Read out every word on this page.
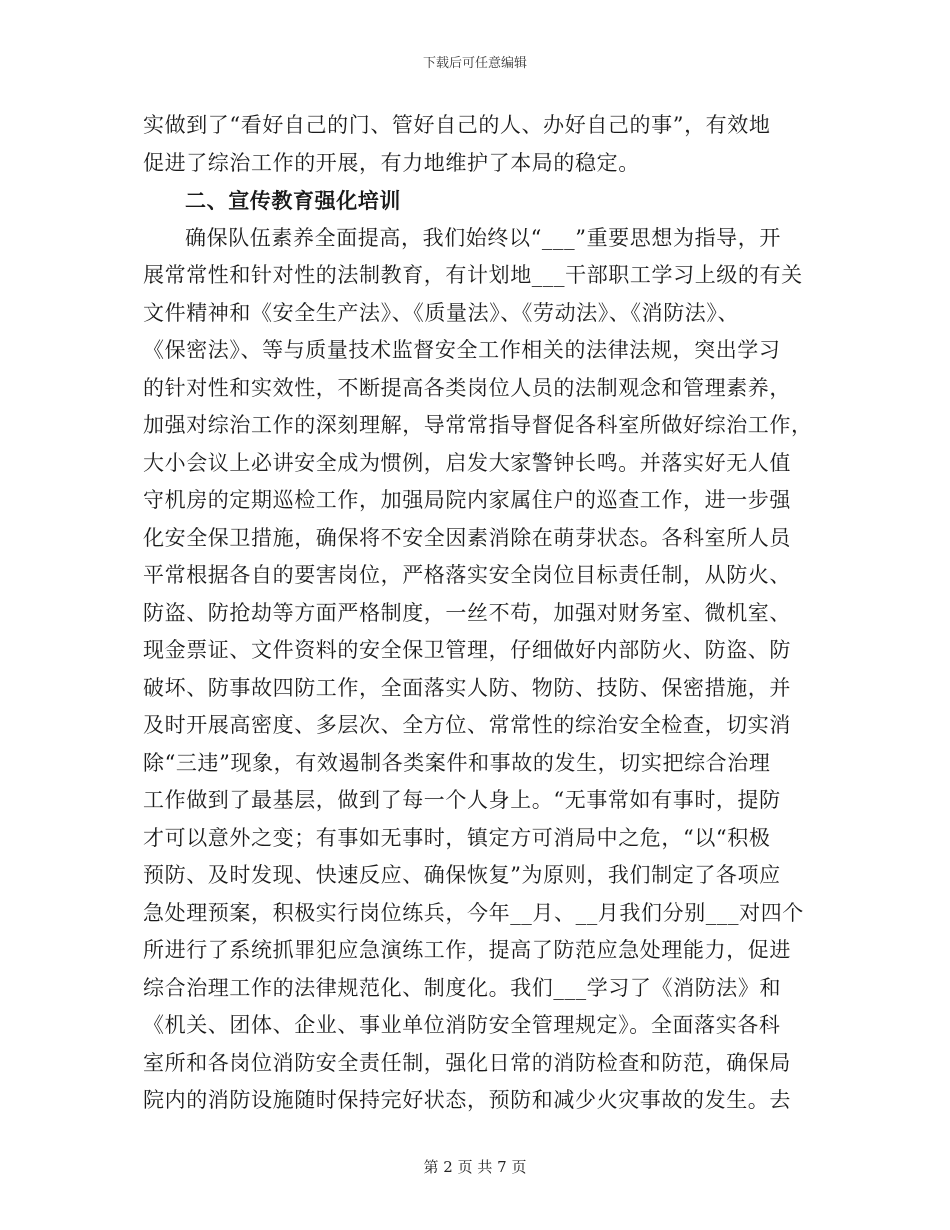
下载后可任意编辑
实做到了“看好自己的门、管好自己的人、办好自己的事”，有效地
促进了综治工作的开展，有力地维护了本局的稳定。
二、宣传教育强化培训
确保队伍素养全面提高，我们始终以“___”重要思想为指导，开
展常常性和针对性的法制教育，有计划地___干部职工学习上级的有关
文件精神和《安全生产法》、《质量法》、《劳动法》、《消防法》、
《保密法》、等与质量技术监督安全工作相关的法律法规，突出学习
的针对性和实效性，不断提高各类岗位人员的法制观念和管理素养，
加强对综治工作的深刻理解，导常常指导督促各科室所做好综治工作，
大小会议上必讲安全成为惯例，启发大家警钟长鸣。并落实好无人值
守机房的定期巡检工作，加强局院内家属住户的巡查工作，进一步强
化安全保卫措施，确保将不安全因素消除在萌芽状态。各科室所人员
平常根据各自的要害岗位，严格落实安全岗位目标责任制，从防火、
防盗、防抢劫等方面严格制度，一丝不苟，加强对财务室、微机室、
现金票证、文件资料的安全保卫管理，仔细做好内部防火、防盗、防
破坏、防事故四防工作，全面落实人防、物防、技防、保密措施，并
及时开展高密度、多层次、全方位、常常性的综治安全检查，切实消
除“三违”现象，有效遏制各类案件和事故的发生，切实把综合治理
工作做到了最基层，做到了每一个人身上。“无事常如有事时，提防
才可以意外之变；有事如无事时，镇定方可消局中之危，“以“积极
预防、及时发现、快速反应、确保恢复”为原则，我们制定了各项应
急处理预案，积极实行岗位练兵，今年__月、__月我们分别___对四个
所进行了系统抓罪犯应急演练工作，提高了防范应急处理能力，促进
综合治理工作的法律规范化、制度化。我们___学习了《消防法》和
《机关、团体、企业、事业单位消防安全管理规定》。全面落实各科
室所和各岗位消防安全责任制，强化日常的消防检查和防范，确保局
院内的消防设施随时保持完好状态，预防和减少火灾事故的发生。去
第 2 页 共 7 页
